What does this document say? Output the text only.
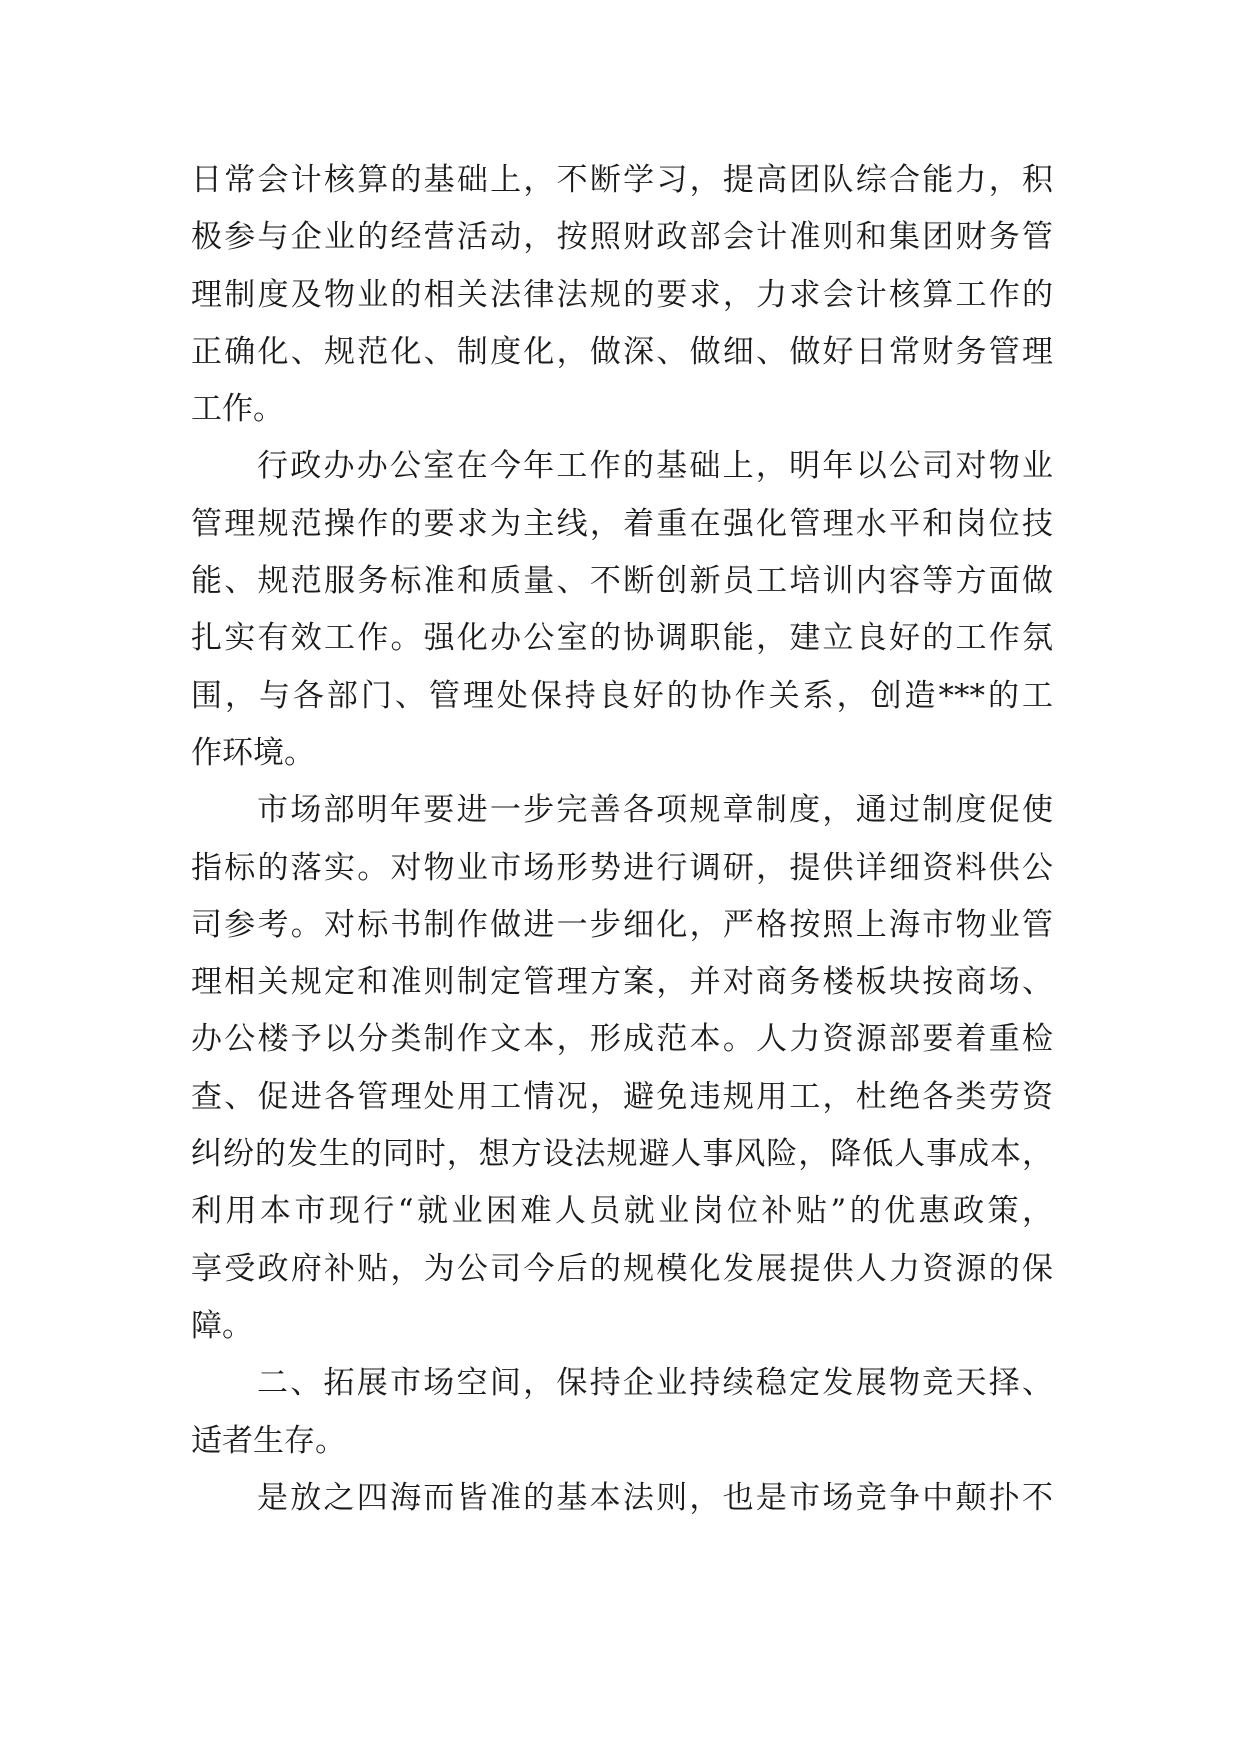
日常会计核算的基础上，不断学习，提高团队综合能力，积
极参与企业的经营活动，按照财政部会计准则和集团财务管
理制度及物业的相关法律法规的要求，力求会计核算工作的
正确化、规范化、制度化，做深、做细、做好日常财务管理
工作。
行政办办公室在今年工作的基础上，明年以公司对物业
管理规范操作的要求为主线，着重在强化管理水平和岗位技
能、规范服务标准和质量、不断创新员工培训内容等方面做
扎实有效工作。强化办公室的协调职能，建立良好的工作氛
围，与各部门、管理处保持良好的协作关系，创造***的工
作环境。
市场部明年要进一步完善各项规章制度，通过制度促使
指标的落实。对物业市场形势进行调研，提供详细资料供公
司参考。对标书制作做进一步细化，严格按照上海市物业管
理相关规定和准则制定管理方案，并对商务楼板块按商场、
办公楼予以分类制作文本，形成范本。人力资源部要着重检
查、促进各管理处用工情况，避免违规用工，杜绝各类劳资
纠纷的发生的同时，想方设法规避人事风险，降低人事成本，
利用本市现行“就业困难人员就业岗位补贴”的优惠政策，
享受政府补贴，为公司今后的规模化发展提供人力资源的保
障。
二、拓展市场空间，保持企业持续稳定发展物竞天择、
适者生存。
是放之四海而皆准的基本法则，也是市场竞争中颠扑不
